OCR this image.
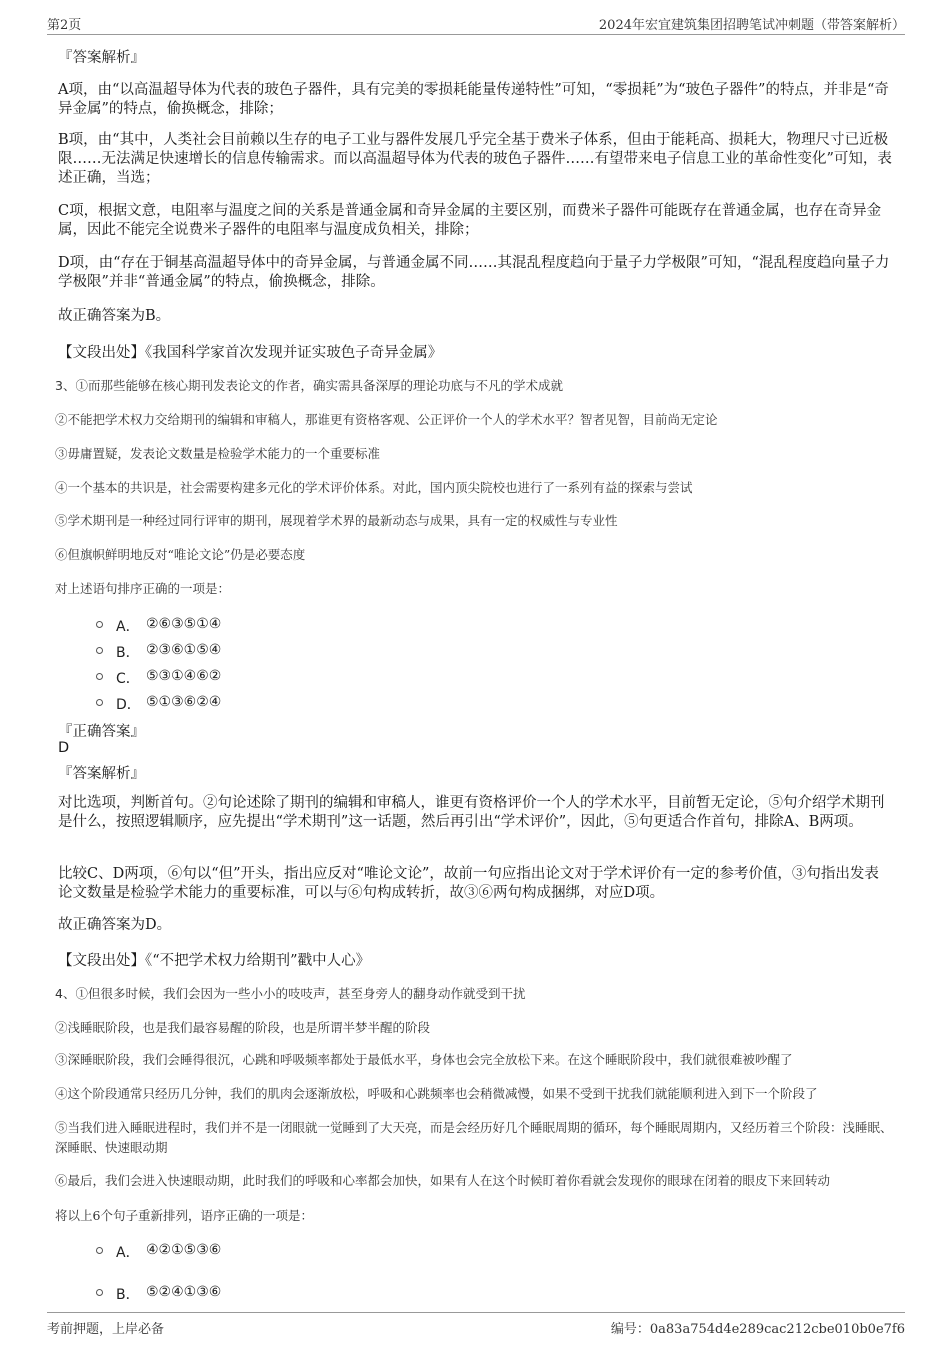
第2页	2024年宏宜建筑集团招聘笔试冲刺题（带答案解析）
『答案解析』
A项，由“以高温超导体为代表的玻色子器件，具有完美的零损耗能量传递特性”可知，“零损耗”为“玻色子器件”的特点，并非是“奇异金属”的特点，偷换概念，排除；
B项，由“其中，人类社会目前赖以生存的电子工业与器件发展几乎完全基于费米子体系，但由于能耗高、损耗大，物理尺寸已近极限……无法满足快速增长的信息传输需求。而以高温超导体为代表的玻色子器件……有望带来电子信息工业的革命性变化”可知，表述正确，当选；
C项，根据文意，电阻率与温度之间的关系是普通金属和奇异金属的主要区别，而费米子器件可能既存在普通金属，也存在奇异金属，因此不能完全说费米子器件的电阻率与温度成负相关，排除；
D项，由“存在于铜基高温超导体中的奇异金属，与普通金属不同……其混乱程度趋向于量子力学极限”可知，“混乱程度趋向量子力学极限”并非“普通金属”的特点，偷换概念，排除。
故正确答案为B。
【文段出处】《我国科学家首次发现并证实玻色子奇异金属》
3、①而那些能够在核心期刊发表论文的作者，确实需具备深厚的理论功底与不凡的学术成就
②不能把学术权力交给期刊的编辑和审稿人，那谁更有资格客观、公正评价一个人的学术水平？智者见智，目前尚无定论
③毋庸置疑，发表论文数量是检验学术能力的一个重要标准
④一个基本的共识是，社会需要构建多元化的学术评价体系。对此，国内顶尖院校也进行了一系列有益的探索与尝试
⑤学术期刊是一种经过同行评审的期刊，展现着学术界的最新动态与成果，具有一定的权威性与专业性
⑥但旗帜鲜明地反对“唯论文论”仍是必要态度
对上述语句排序正确的一项是：
A． ②⑥③⑤①④
B． ②③⑥①⑤④
C． ⑤③①④⑥②
D． ⑤①③⑥②④
『正确答案』
D
『答案解析』
对比选项，判断首句。②句论述除了期刊的编辑和审稿人，谁更有资格评价一个人的学术水平，目前暂无定论，⑤句介绍学术期刊是什么，按照逻辑顺序，应先提出“学术期刊”这一话题，然后再引出“学术评价”，因此，⑤句更适合作首句，排除A、B两项。
比较C、D两项，⑥句以“但”开头，指出应反对“唯论文论”，故前一句应指出论文对于学术评价有一定的参考价值，③句指出发表论文数量是检验学术能力的重要标准，可以与⑥句构成转折，故③⑥两句构成捆绑，对应D项。
故正确答案为D。
【文段出处】《“不把学术权力给期刊”戳中人心》
4、①但很多时候，我们会因为一些小小的吱吱声，甚至身旁人的翻身动作就受到干扰
②浅睡眠阶段，也是我们最容易醒的阶段，也是所谓半梦半醒的阶段
③深睡眠阶段，我们会睡得很沉，心跳和呼吸频率都处于最低水平，身体也会完全放松下来。在这个睡眠阶段中，我们就很难被吵醒了
④这个阶段通常只经历几分钟，我们的肌肉会逐渐放松，呼吸和心跳频率也会稍微减慢，如果不受到干扰我们就能顺利进入到下一个阶段了
⑤当我们进入睡眠进程时，我们并不是一闭眼就一觉睡到了大天亮，而是会经历好几个睡眠周期的循环，每个睡眠周期内，又经历着三个阶段：浅睡眠、深睡眠、快速眼动期
⑥最后，我们会进入快速眼动期，此时我们的呼吸和心率都会加快，如果有人在这个时候盯着你看就会发现你的眼球在闭着的眼皮下来回转动
将以上6个句子重新排列，语序正确的一项是：
A． ④②①⑤③⑥
B． ⑤②④①③⑥
考前押题，上岸必备	编号：0a83a754d4e289cac212cbe010b0e7f6
